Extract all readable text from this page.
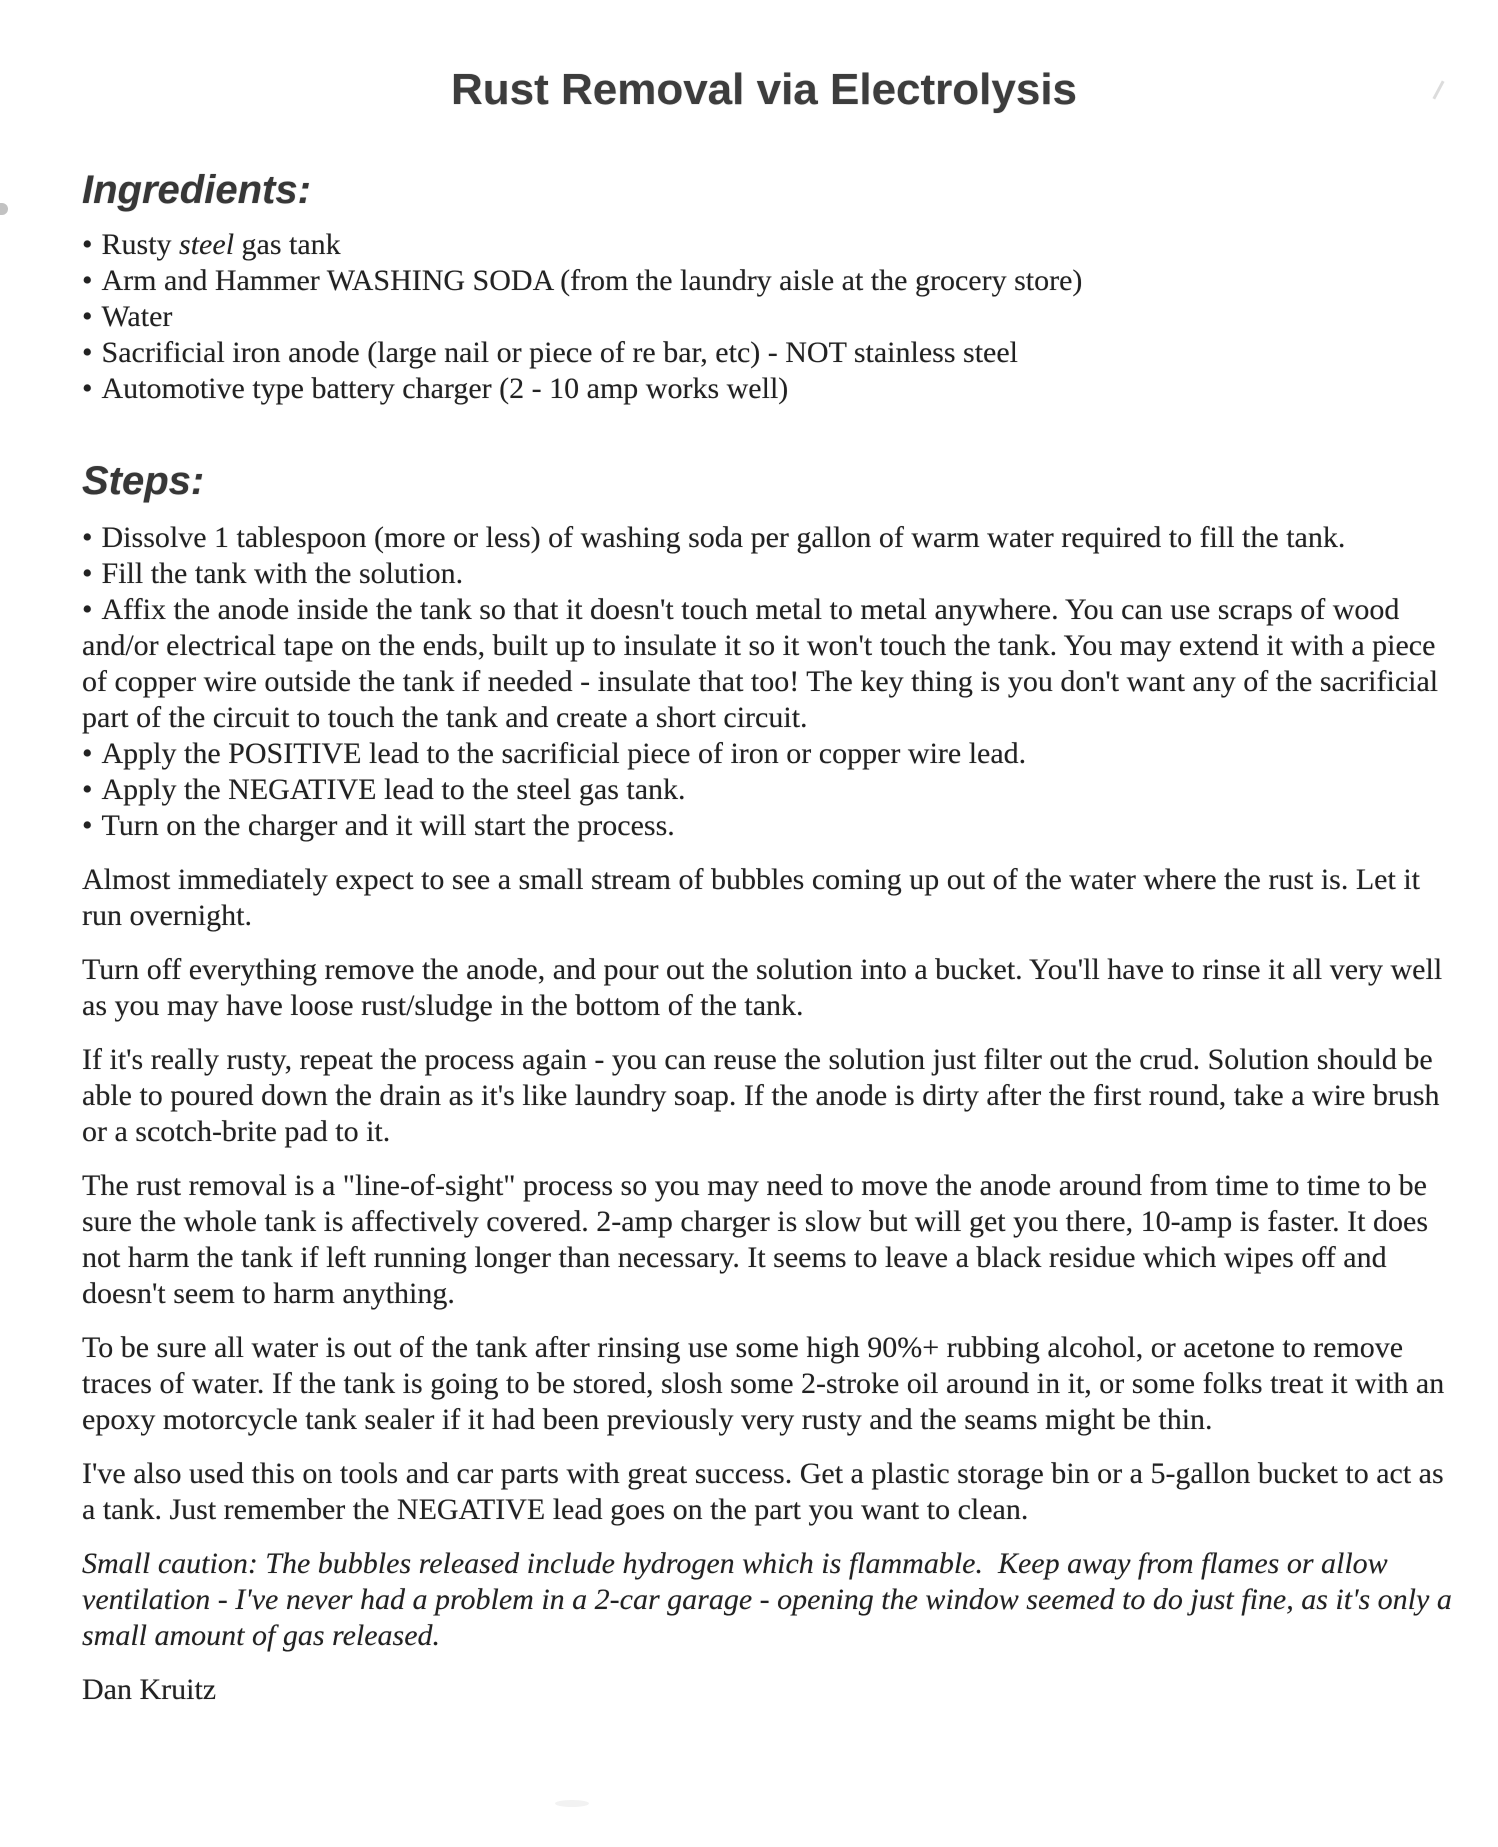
Rust Removal via Electrolysis
Ingredients:
• Rusty steel gas tank
• Arm and Hammer WASHING SODA (from the laundry aisle at the grocery store)
• Water
• Sacrificial iron anode (large nail or piece of re bar, etc) - NOT stainless steel
• Automotive type battery charger (2 - 10 amp works well)
Steps:
• Dissolve 1 tablespoon (more or less) of washing soda per gallon of warm water required to fill the tank.
• Fill the tank with the solution.
• Affix the anode inside the tank so that it doesn't touch metal to metal anywhere. You can use scraps of wood and/or electrical tape on the ends, built up to insulate it so it won't touch the tank. You may extend it with a piece of copper wire outside the tank if needed - insulate that too! The key thing is you don't want any of the sacrificial part of the circuit to touch the tank and create a short circuit.
• Apply the POSITIVE lead to the sacrificial piece of iron or copper wire lead.
• Apply the NEGATIVE lead to the steel gas tank.
• Turn on the charger and it will start the process.

Almost immediately expect to see a small stream of bubbles coming up out of the water where the rust is. Let it run overnight.

Turn off everything remove the anode, and pour out the solution into a bucket. You'll have to rinse it all very well as you may have loose rust/sludge in the bottom of the tank.

If it's really rusty, repeat the process again - you can reuse the solution just filter out the crud. Solution should be able to poured down the drain as it's like laundry soap. If the anode is dirty after the first round, take a wire brush or a scotch-brite pad to it.

The rust removal is a "line-of-sight" process so you may need to move the anode around from time to time to be sure the whole tank is affectively covered. 2-amp charger is slow but will get you there, 10-amp is faster. It does not harm the tank if left running longer than necessary. It seems to leave a black residue which wipes off and doesn't seem to harm anything.

To be sure all water is out of the tank after rinsing use some high 90%+ rubbing alcohol, or acetone to remove traces of water. If the tank is going to be stored, slosh some 2-stroke oil around in it, or some folks treat it with an epoxy motorcycle tank sealer if it had been previously very rusty and the seams might be thin.

I've also used this on tools and car parts with great success. Get a plastic storage bin or a 5-gallon bucket to act as a tank. Just remember the NEGATIVE lead goes on the part you want to clean.

Small caution: The bubbles released include hydrogen which is flammable.  Keep away from flames or allow ventilation - I've never had a problem in a 2-car garage - opening the window seemed to do just fine, as it's only a small amount of gas released.

Dan Kruitz
